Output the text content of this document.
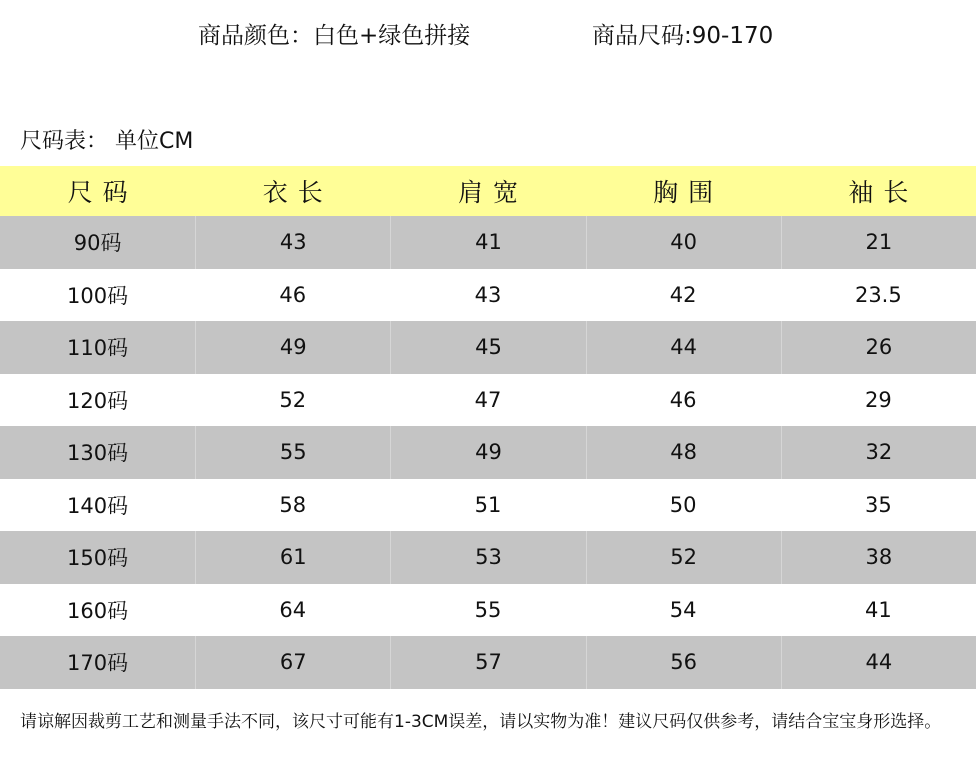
商品颜色：白色+绿色拼接	商品尺码:90-170
尺码表： 单位CM
尺码	衣长	肩宽	胸围	袖长
90码	43	41	40	21
100码	46	43	42	23.5
110码	49	45	44	26
120码	52	47	46	29
130码	55	49	48	32
140码	58	51	50	35
150码	61	53	52	38
160码	64	55	54	41
170码	67	57	56	44
请谅解因裁剪工艺和测量手法不同，该尺寸可能有1-3CM误差，请以实物为准！建议尺码仅供参考，请结合宝宝身形选择。
